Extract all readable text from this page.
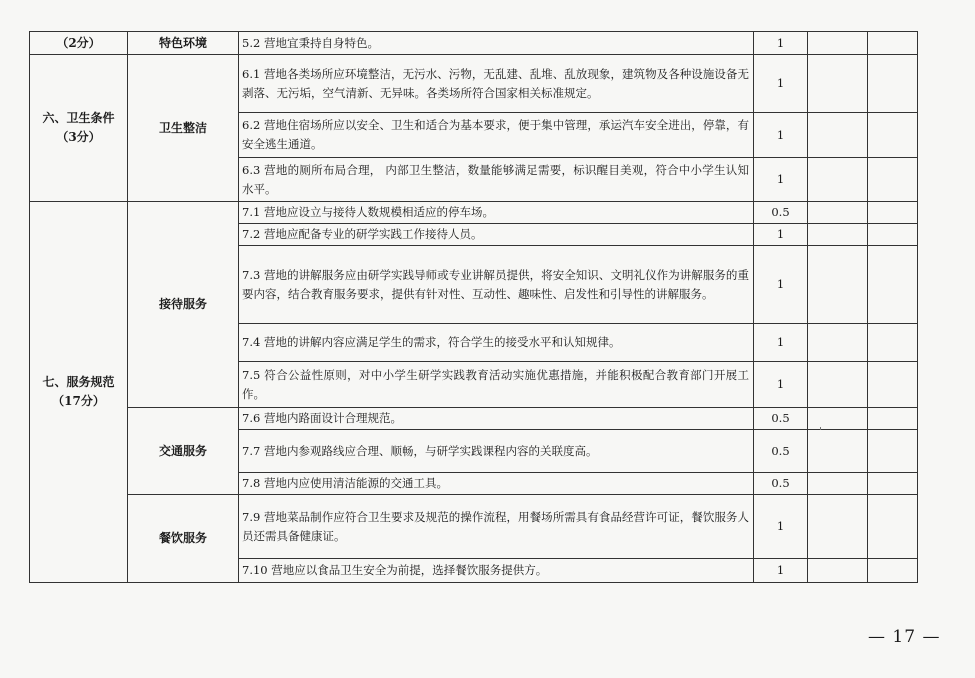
（2分）	特色环境	5.2 营地宜秉持自身特色。	1		

六、卫生条件
（3分）	卫生整洁	6.1 营地各类场所应环境整洁，无污水、污物，无乱建、乱堆、乱放现象，建筑物及各种设施设备无剥落、无污垢，空气清新、无异味。各类场所符合国家相关标准规定。	1		
		6.2 营地住宿场所应以安全、卫生和适合为基本要求，便于集中管理，承运汽车安全进出，停靠，有安全逃生通道。	1		
		6.3 营地的厕所布局合理， 内部卫生整洁，数量能够满足需要，标识醒目美观，符合中小学生认知水平。	1		

七、服务规范
（17分）	接待服务	7.1 营地应设立与接待人数规模相适应的停车场。	0.5		
		7.2 营地应配备专业的研学实践工作接待人员。	1		
		7.3 营地的讲解服务应由研学实践导师或专业讲解员提供，将安全知识、文明礼仪作为讲解服务的重要内容，结合教育服务要求，提供有针对性、互动性、趣味性、启发性和引导性的讲解服务。	1		
		7.4 营地的讲解内容应满足学生的需求，符合学生的接受水平和认知规律。	1		
		7.5 符合公益性原则，对中小学生研学实践教育活动实施优惠措施，并能积极配合教育部门开展工作。	1		
	交通服务	7.6 营地内路面设计合理规范。	0.5		
		7.7 营地内参观路线应合理、顺畅，与研学实践课程内容的关联度高。	0.5		
		7.8 营地内应使用清洁能源的交通工具。	0.5		
	餐饮服务	7.9 营地菜品制作应符合卫生要求及规范的操作流程，用餐场所需具有食品经营许可证，餐饮服务人员还需具备健康证。	1		
		7.10 营地应以食品卫生安全为前提，选择餐饮服务提供方。	1		
— 17 —
